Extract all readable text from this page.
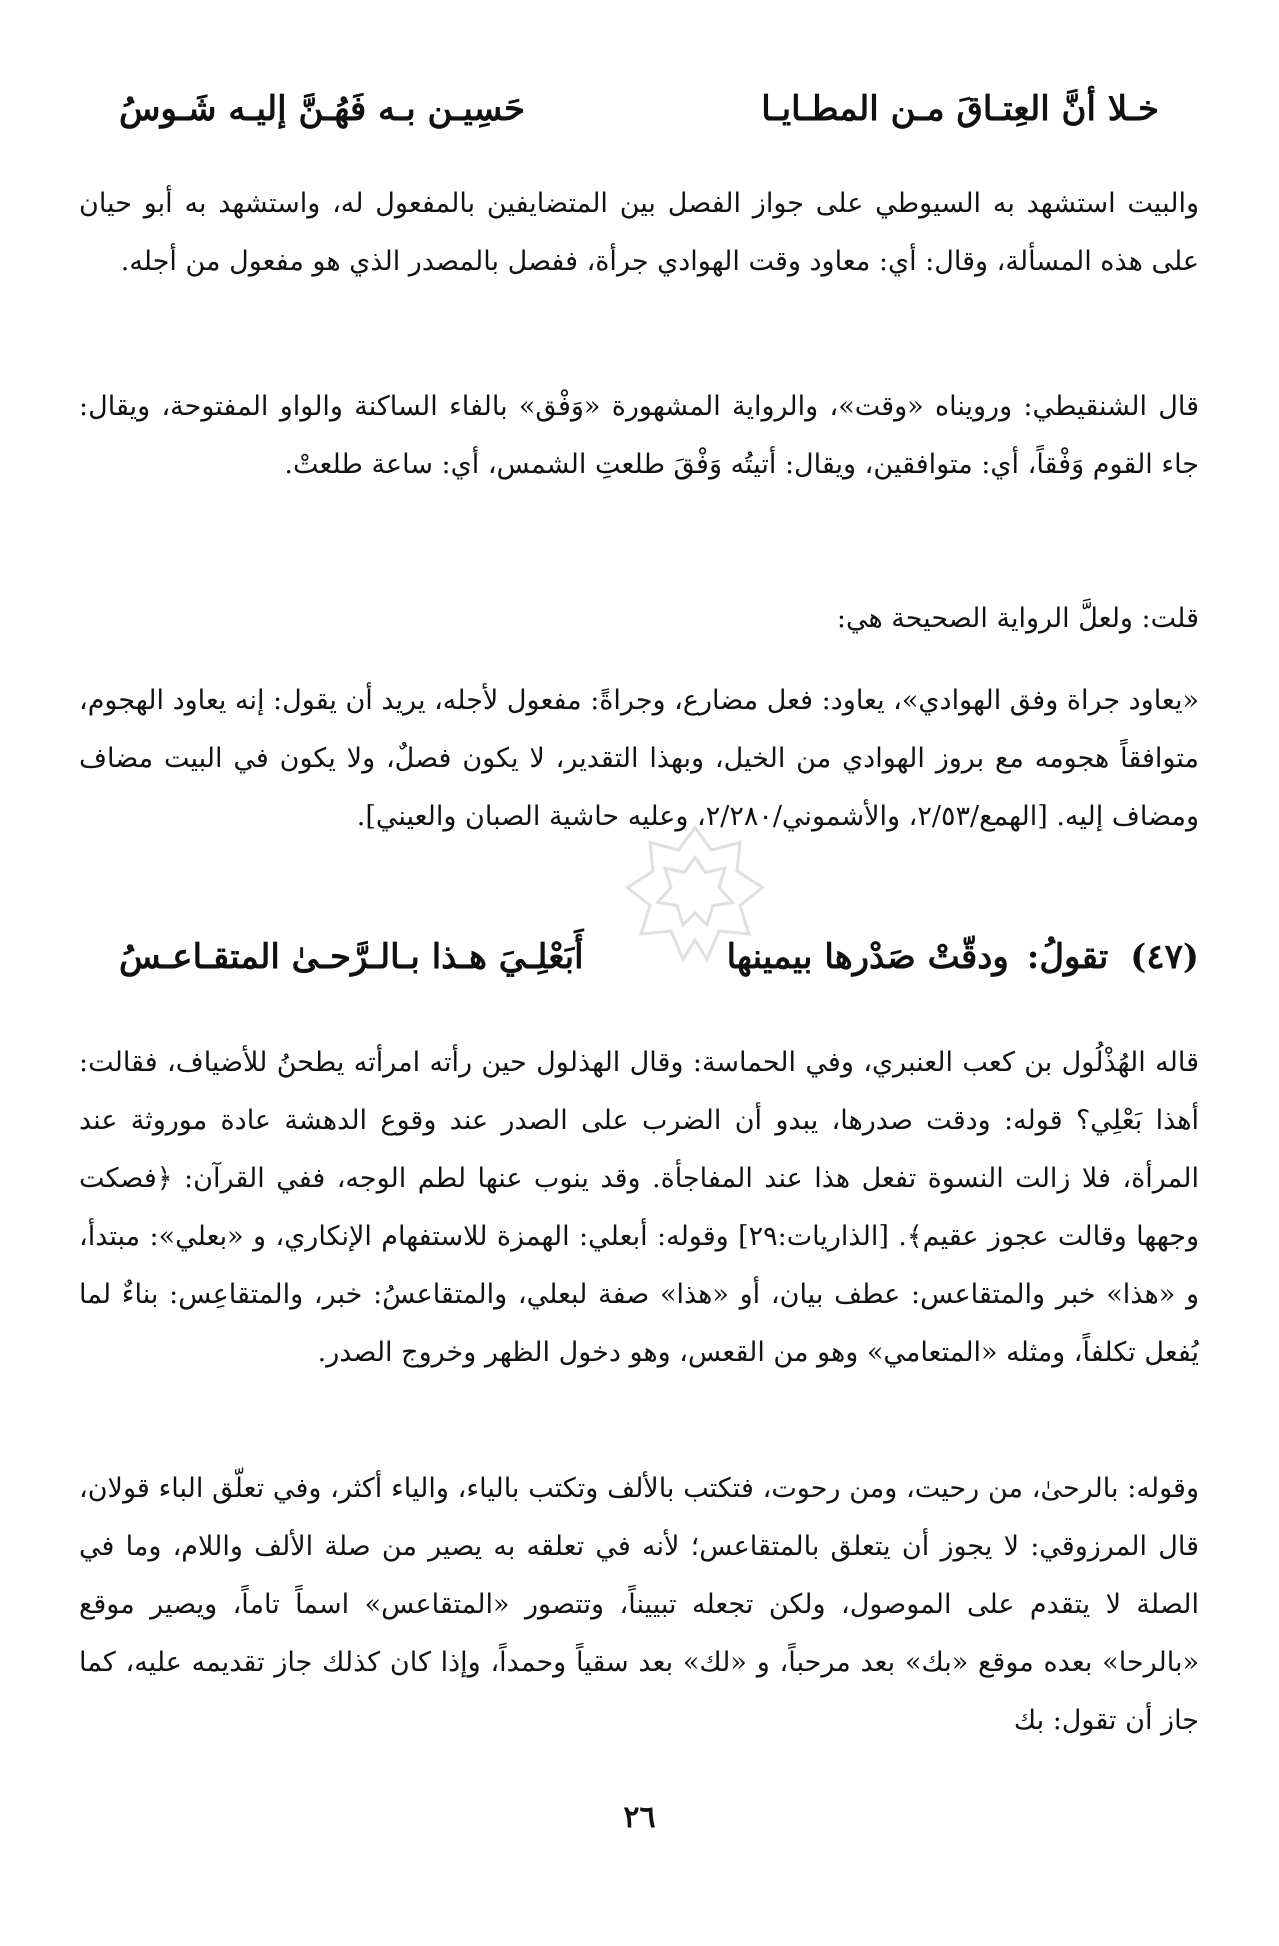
خـلا أنَّ العِتـاقَ مـن المطـايـا
حَسِيـن بـه فَهُـنَّ إليـه شَـوسُ

والبيت استشهد به السيوطي على جواز الفصل بين المتضايفين بالمفعول له، واستشهد به أبو حيان على هذه المسألة، وقال: أي: معاود وقت الهوادي جرأة، ففصل بالمصدر الذي هو مفعول من أجله.

قال الشنقيطي: ورويناه «وقت»، والرواية المشهورة «وَفْق» بالفاء الساكنة والواو المفتوحة، ويقال: جاء القوم وَفْقاً، أي: متوافقين، ويقال: أتيتُه وَفْقَ طلعتِ الشمس، أي: ساعة طلعتْ.

قلت: ولعلَّ الرواية الصحيحة هي:

«يعاود جراة وفق الهوادي»، يعاود: فعل مضارع، وجراةً: مفعول لأجله، يريد أن يقول: إنه يعاود الهجوم، متوافقاً هجومه مع بروز الهوادي من الخيل، وبهذا التقدير، لا يكون فصلٌ، ولا يكون في البيت مضاف ومضاف إليه. [الهمع/٢/٥٣، والأشموني/٢/٢٨٠، وعليه حاشية الصبان والعيني].

(٤٧)
تقولُ:
ودقّتْ صَدْرها بيمينها
أَبَعْلِـيَ هـذا بـالـرَّحـىٰ المتقـاعـسُ

قاله الهُذْلُول بن كعب العنبري، وفي الحماسة: وقال الهذلول حين رأته امرأته يطحنُ للأضياف، فقالت: أهذا بَعْلِي؟ قوله: ودقت صدرها، يبدو أن الضرب على الصدر عند وقوع الدهشة عادة موروثة عند المرأة، فلا زالت النسوة تفعل هذا عند المفاجأة. وقد ينوب عنها لطم الوجه، ففي القرآن: ﴿فصكت وجهها وقالت عجوز عقيم﴾. [الذاريات:٢٩] وقوله: أبعلي: الهمزة للاستفهام الإنكاري، و «بعلي»: مبتدأ، و «هذا» خبر والمتقاعس: عطف بيان، أو «هذا» صفة لبعلي، والمتقاعسُ: خبر، والمتقاعِس: بناءٌ لما يُفعل تكلفاً، ومثله «المتعامي» وهو من القعس، وهو دخول الظهر وخروج الصدر.

وقوله: بالرحىٰ، من رحيت، ومن رحوت، فتكتب بالألف وتكتب بالياء، والياء أكثر، وفي تعلّق الباء قولان، قال المرزوقي: لا يجوز أن يتعلق بالمتقاعس؛ لأنه في تعلقه به يصير من صلة الألف واللام، وما في الصلة لا يتقدم على الموصول، ولكن تجعله تبييناً، وتتصور «المتقاعس» اسماً تاماً، ويصير موقع «بالرحا» بعده موقع «بك» بعد مرحباً، و «لك» بعد سقياً وحمداً، وإذا كان كذلك جاز تقديمه عليه، كما جاز أن تقول: بك

٢٦
